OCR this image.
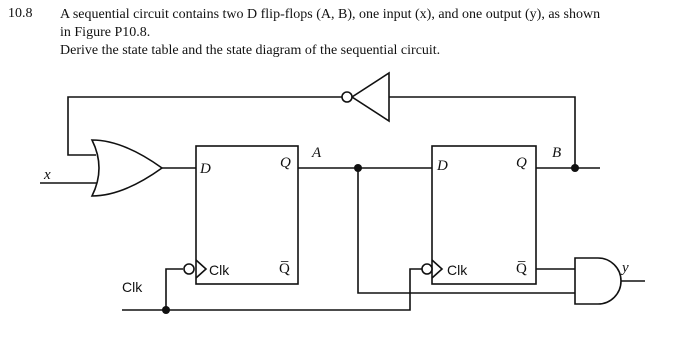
10.8 A sequential circuit contains two D flip-flops (A, B), one input (x), and one output (y), as shown

in Figure P10.8.

Derive the state table and the state diagram of the sequential circuit.

x
Clk
y
D	Q
Q̅
Clk
A
D	Q
Q̅
Clk
B
